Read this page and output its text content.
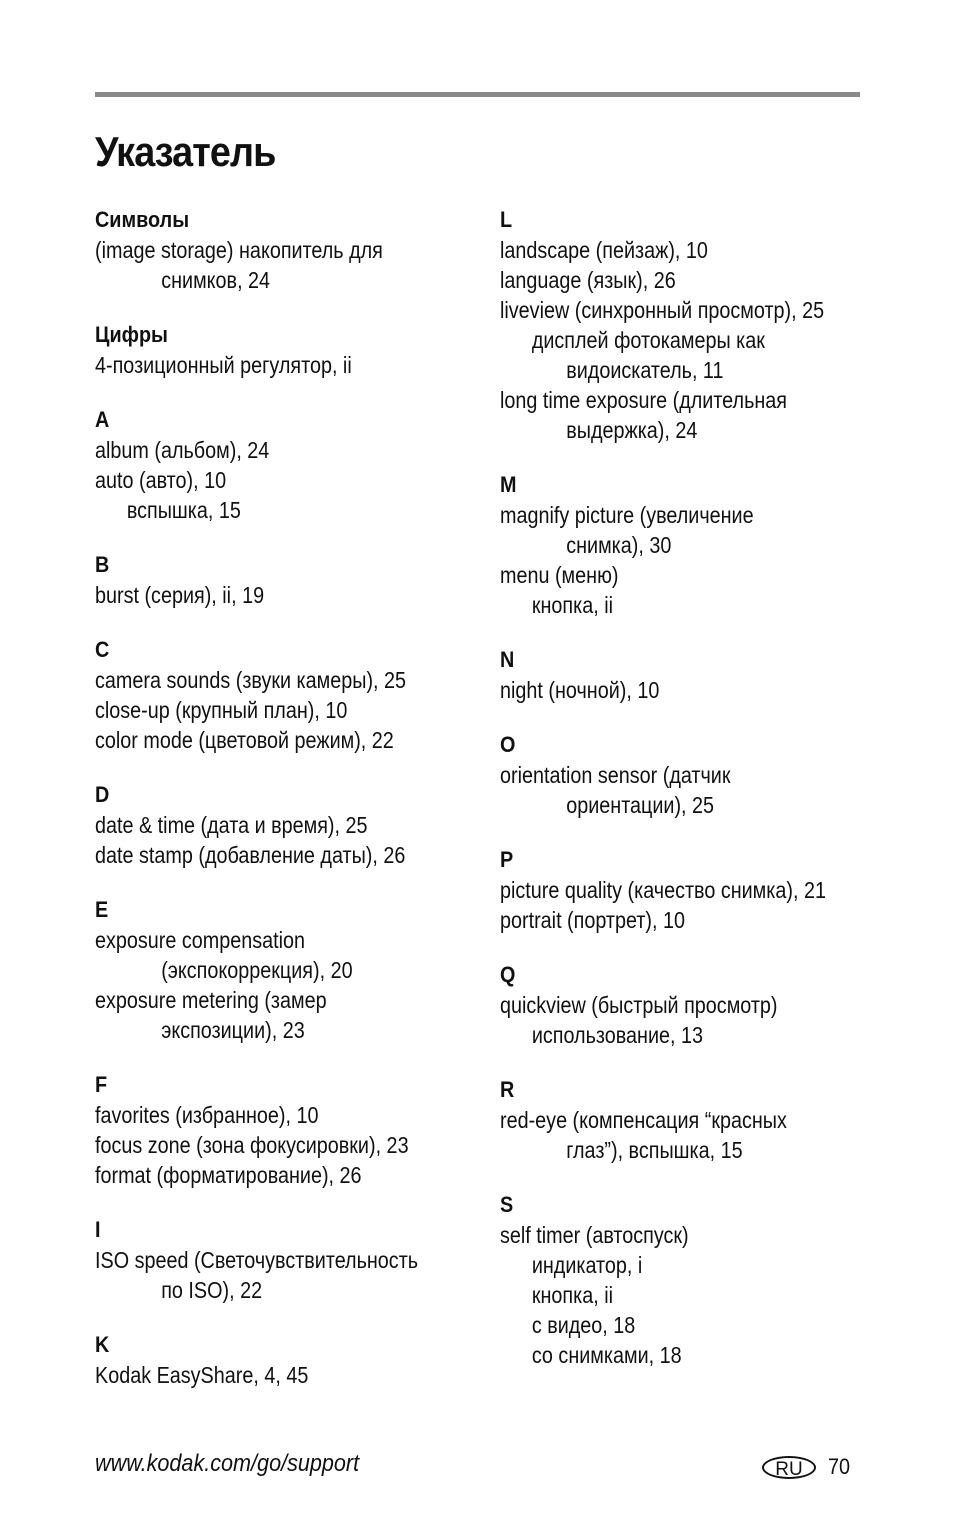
Указатель
Символы
(image storage) накопитель для
снимков, 24
Цифры
4-позиционный регулятор, ii
A
album (альбом), 24
auto (авто), 10
вспышка, 15
B
burst (серия), ii, 19
C
camera sounds (звуки камеры), 25
close-up (крупный план), 10
color mode (цветовой режим), 22
D
date & time (дата и время), 25
date stamp (добавление даты), 26
E
exposure compensation
(экспокоррекция), 20
exposure metering (замер
экспозиции), 23
F
favorites (избранное), 10
focus zone (зона фокусировки), 23
format (форматирование), 26
I
ISO speed (Светочувствительность
по ISO), 22
K
Kodak EasyShare, 4, 45
L
landscape (пейзаж), 10
language (язык), 26
liveview (синхронный просмотр), 25
дисплей фотокамеры как
видоискатель, 11
long time exposure (длительная
выдержка), 24
M
magnify picture (увеличение
снимка), 30
menu (меню)
кнопка, ii
N
night (ночной), 10
O
orientation sensor (датчик
ориентации), 25
P
picture quality (качество снимка), 21
portrait (портрет), 10
Q
quickview (быстрый просмотр)
использование, 13
R
red-eye (компенсация “красных
глаз”), вспышка, 15
S
self timer (автоспуск)
индикатор, i
кнопка, ii
с видео, 18
со снимками, 18
www.kodak.com/go/support	RU	70
